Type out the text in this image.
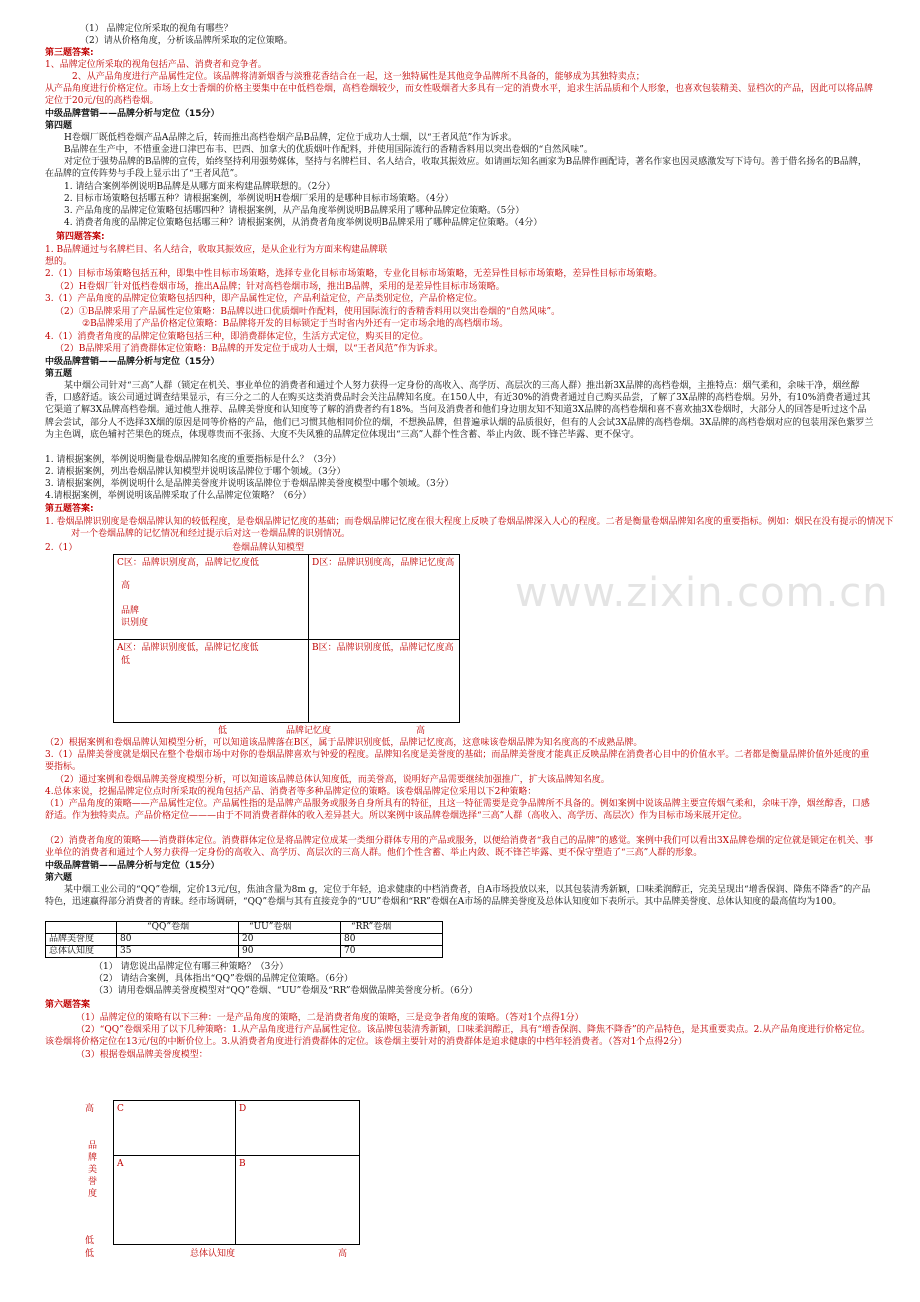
www.zixin.com.cn
（1） 品牌定位所采取的视角有哪些？
（2）请从价格角度，分析该品牌所采取的定位策略。
第三题答案:
1、品牌定位所采取的视角包括产品、消费者和竞争者。
2、从产品角度进行产品属性定位。该品牌将清新烟香与淡雅花香结合在一起，这一独特属性是其他竞争品牌所不具备的，能够成为其独特卖点；
从产品角度进行价格定位。市场上女士香烟的价格主要集中在中低档卷烟，高档卷烟较少，而女性吸烟者大多具有一定的消费水平，追求生活品质和个人形象，也喜欢包装精美、显档次的产品，因此可以将品牌定位于20元/包的高档卷烟。
中级品牌营销——品牌分析与定位（15分）
第四题
H卷烟厂既低档卷烟产品A品牌之后，转而推出高档卷烟产品B品牌，定位于成功人士烟，以“王者风范”作为诉求。
B品牌在生产中，不惜重金进口津巴布韦、巴西、加拿大的优质烟叶作配料，并使用国际流行的香精香料用以突出卷烟的“自然风味”。
对定位于强势品牌的B品牌的宣传，始终坚持利用强势媒体，坚持与名牌栏目、名人结合，收取其振效应。如请画坛知名画家为B品牌作画配诗，著名作家也因灵感激发写下诗句。善于借名扬名的B品牌，在品牌的宣传阵势与手段上显示出了“王者风范”。
1. 请结合案例举例说明B品牌是从哪方面来构建品牌联想的。（2分）
2. 目标市场策略包括哪五种？请根据案例，举例说明H卷烟厂采用的是哪种目标市场策略。（4分）
3. 产品角度的品牌定位策略包括哪四种？请根据案例，从产品角度举例说明B品牌采用了哪种品牌定位策略。（5分）
4. 消费者角度的品牌定位策略包括哪三种？请根据案例，从消费者角度举例说明B品牌采用了哪种品牌定位策略。（4分）
第四题答案:
1. B品牌通过与名牌栏目、名人结合，收取其振效应，是从企业行为方面来构建品牌联
想的。
2.（1）目标市场策略包括五种，即集中性目标市场策略，选择专业化目标市场策略，专业化目标市场策略，无差异性目标市场策略，差异性目标市场策略。
（2）H卷烟厂针对低档卷烟市场，推出A品牌；针对高档卷烟市场，推出B品牌，采用的是差异性目标市场策略。
3.（1）产品角度的品牌定位策略包括四种，即产品属性定位，产品利益定位，产品类别定位，产品价格定位。
（2）①B品牌采用了产品属性定位策略：B品牌以进口优质烟叶作配料，使用国际流行的香精香料用以突出卷烟的“自然风味”。
②B品牌采用了产品价格定位策略：B品牌将开发的目标锁定于当时省内外还有一定市场余地的高档烟市场。
4.（1）消费者角度的品牌定位策略包括三种，即消费群体定位，生活方式定位，购买目的定位。
（2）B品牌采用了消费群体定位策略：B品牌的开发定位于成功人士烟，以“王者风范”作为诉求。
中级品牌营销——品牌分析与定位（15分）
第五题
某中烟公司针对“三高”人群（锁定在机关、事业单位的消费者和通过个人努力获得一定身份的高收入、高学历、高层次的三高人群）推出新3X品牌的高档卷烟，主推特点：烟气柔和，余味干净，烟丝醇香，口感舒适。该公司通过调查结果显示，有三分之二的人在购买这类消费品时会关注品牌知名度。在150人中，有近30%的消费者通过自己购买品尝，了解了3X品牌的高档卷烟。另外，有10%消费者通过其它渠道了解3X品牌高档卷烟。通过他人推荐、品牌美誉度和认知度等了解的消费者约有18%。当问及消费者和他们身边朋友知不知道3X品牌的高档卷烟和喜不喜欢抽3X卷烟时，大部分人的回答是听过这个品牌会尝试，部分人不选择3X烟的原因是同等价格的产品，他们已习惯其他相同价位的烟，不想换品牌，但普遍承认烟的品质很好，但有的人会试3X品牌的高档卷烟。3X品牌的高档卷烟对应的包装用深色紫罗兰为主色调，底色辅衬芒果色的斑点，体现尊贵而不张扬、大度不失风雅的品牌定位体现出“三高”人群个性含蓄、举止内敛、既不锋芒毕露、更不保守。
1. 请根据案例，举例说明衡量卷烟品牌知名度的重要指标是什么？（3分）
2. 请根据案例，列出卷烟品牌认知模型并说明该品牌位于哪个领域。（3分）
3. 请根据案例，举例说明什么是品牌美誉度并说明该品牌位于卷烟品牌美誉度模型中哪个领域。（3分）
4.请根据案例，举例说明该品牌采取了什么品牌定位策略？（6分）
第五题答案:
1. 卷烟品牌识别度是卷烟品牌认知的较低程度，是卷烟品牌记忆度的基础；而卷烟品牌记忆度在很大程度上反映了卷烟品牌深入人心的程度。二者是衡量卷烟品牌知名度的重要指标。例如：烟民在没有提示的情况下对一个卷烟品牌的记忆情况和经过提示后对这一卷烟品牌的识别情况。
2.（1）	卷烟品牌认知模型
C区：品牌识别度高，品牌记忆度低	D区：品牌识别度高，品牌记忆度高
A区：品牌识别度低，品牌记忆度低	B区：品牌识别度低，品牌记忆度高
高
品牌
识别度
低
低	品牌记忆度	高
（2）根据案例和卷烟品牌认知模型分析，可以知道该品牌落在B区，属于品牌识别度低，品牌记忆度高，这意味该卷烟品牌为知名度高的不成熟品牌。
3.（1）品牌美誉度就是烟民在整个卷烟市场中对你的卷烟品牌喜欢与钟爱的程度。品牌知名度是美誉度的基础；而品牌美誉度才能真正反映品牌在消费者心目中的价值水平。二者都是衡量品牌价值外延度的重要指标。
（2）通过案例和卷烟品牌美誉度模型分析，可以知道该品牌总体认知度低，而美誉高，说明好产品需要继续加强推广，扩大该品牌知名度。
4.总体来说，挖掘品牌定位点时所采取的视角包括产品、消费者等多种品牌定位的策略。该卷烟品牌定位采用以下2种策略：
（1）产品角度的策略——产品属性定位。产品属性指的是品牌产品服务或服务自身所具有的特征，且这一特征需要是竞争品牌所不具备的。例如案例中说该品牌主要宣传烟气柔和，余味干净，烟丝醇香，口感舒适。作为独特卖点。产品价格定位———由于不同消费者群体的收入差异甚大。所以案例中该品牌卷烟选择“三高”人群（高收入、高学历、高层次）作为目标市场来展开定位。
（2）消费者角度的策略——消费群体定位。消费群体定位是将品牌定位成某一类细分群体专用的产品或服务，以便给消费者“我自己的品牌”的感觉。案例中我们可以看出3X品牌卷烟的定位就是锁定在机关、事业单位的消费者和通过个人努力获得一定身份的高收入、高学历、高层次的三高人群。他们个性含蓄、举止内敛、既不锋芒毕露、更不保守塑造了“三高”人群的形象。
中级品牌营销——品牌分析与定位（15分）
第六题
某中烟工业公司的“QQ”卷烟，定价13元/包，焦油含量为8m g，定位于年轻，追求健康的中档消费者，自A市场投放以来，以其包装清秀新颖，口味柔润醇正，完美呈现出“增香保润、降焦不降香”的产品特色，迅速赢得部分消费者的青睐。经市场调研，“QQ”卷烟与其有直接竞争的“UU”卷烟和“RR”卷烟在A市场的品牌美誉度及总体认知度如下表所示。其中品牌美誉度、总体认知度的最高值均为100。
	“QQ”卷烟	“UU”卷烟	“RR”卷烟
品牌美誉度	80	20	80
总体认知度	35	90	70
（1） 请您说出品牌定位有哪三种策略？（3分）
（2） 请结合案例，具体指出“QQ”卷烟的品牌定位策略。（6分）
（3）请用卷烟品牌美誉度模型对“QQ”卷烟、“UU”卷烟及“RR”卷烟做品牌美誉度分析。（6分）
第六题答案
（1）品牌定位的策略有以下三种：一是产品角度的策略，二是消费者角度的策略，三是竞争者角度的策略。（答对1个点得1分）
（2）“QQ”卷烟采用了以下几种策略：1.从产品角度进行产品属性定位。该品牌包装清秀新颖，口味柔润醇正，具有“增香保润、降焦不降香”的产品特色，是其重要卖点。2.从产品角度进行价格定位。该卷烟将价格定位在13元/包的中断价位上。3.从消费者角度进行消费群体的定位。该卷烟主要针对的消费群体是追求健康的中档年轻消费者。（答对1个点得2分）
（3）根据卷烟品牌美誉度模型：
C	D
A	B
高
品
牌
美
誉
度
低
低	总体认知度	高
